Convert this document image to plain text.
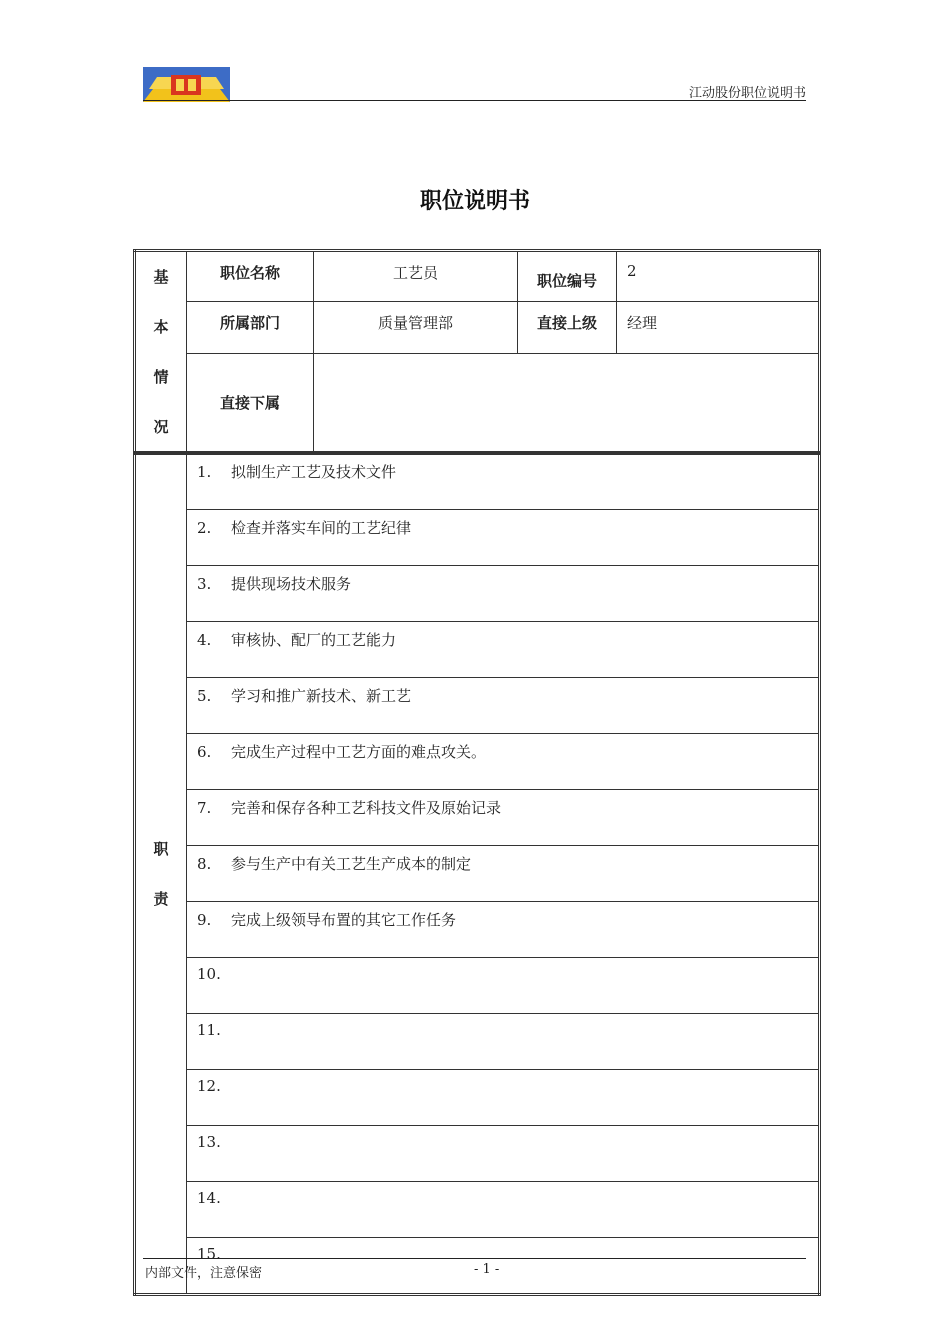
江动股份职位说明书
职位说明书
基
本
情
况	职位名称	工艺员	职位编号	2
	所属部门	质量管理部	直接上级	经理
	直接下属			
职
责
	1. 拟制生产工艺及技术文件
2. 检查并落实车间的工艺纪律
3. 提供现场技术服务
4. 审核协、配厂的工艺能力
5. 学习和推广新技术、新工艺
6. 完成生产过程中工艺方面的难点攻关。
7. 完善和保存各种工艺科技文件及原始记录
8. 参与生产中有关工艺生产成本的制定
9. 完成上级领导布置的其它工作任务
10.
11.
12.
13.
14.
15.
内部文件，注意保密	- 1 -
